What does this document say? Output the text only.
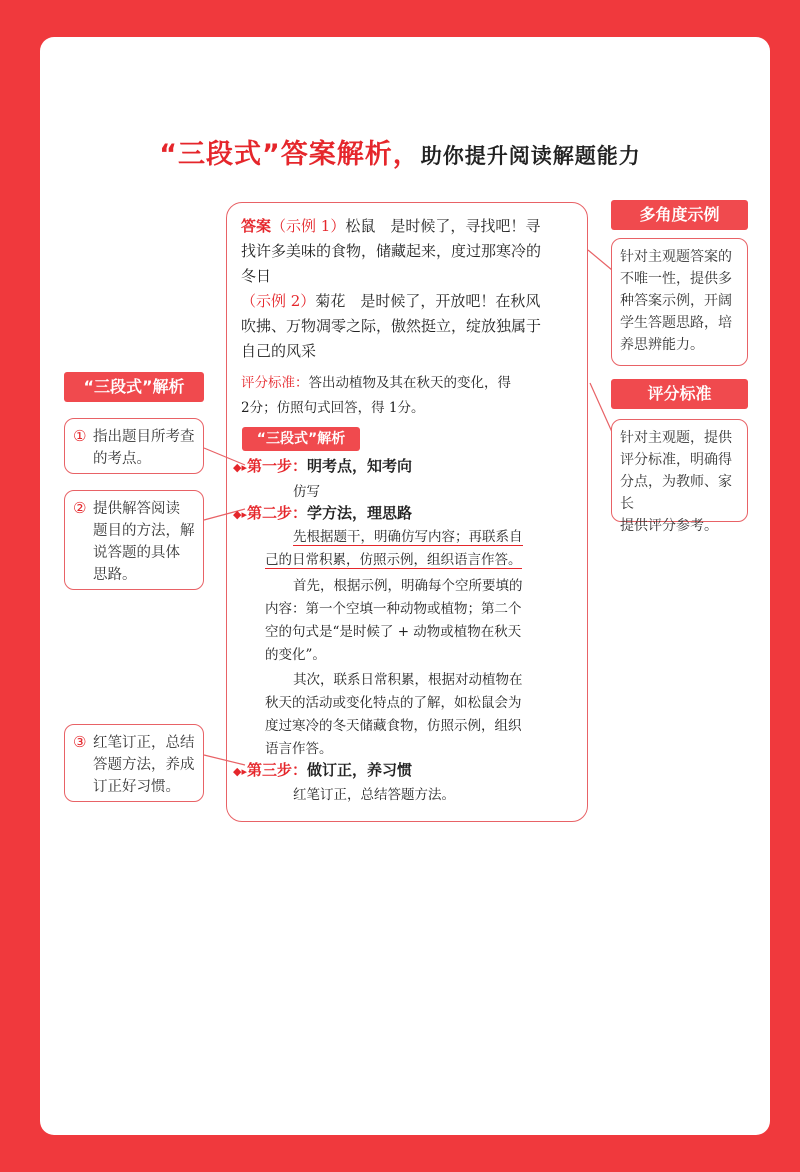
“三段式”答案解析，助你提升阅读解题能力
“三段式”解析
① 指出题目所考查
的考点。
② 提供解答阅读
题目的方法，解
说答题的具体
思路。
③ 红笔订正，总结
答题方法，养成
订正好习惯。
多角度示例
针对主观题答案的
不唯一性，提供多
种答案示例，开阔
学生答题思路，培
养思辨能力。
评分标准
针对主观题，提供
评分标准，明确得
分点，为教师、家长
提供评分参考。
答案（示例 1）松鼠　是时候了，寻找吧！寻
找许多美味的食物，储藏起来，度过那寒冷的
冬日
（示例 2）菊花　是时候了，开放吧！在秋风
吹拂、万物凋零之际，傲然挺立，绽放独属于
自己的风采
评分标准：答出动植物及其在秋天的变化，得
2分；仿照句式回答，得 1分。
“三段式”解析
◆▸第一步：明考点，知考向
仿写
◆▸第二步：学方法，理思路
先根据题干，明确仿写内容；再联系自
己的日常积累，仿照示例，组织语言作答。
首先，根据示例，明确每个空所要填的
内容：第一个空填一种动物或植物；第二个
空的句式是“是时候了 + 动物或植物在秋天
的变化”。
其次，联系日常积累，根据对动植物在
秋天的活动或变化特点的了解，如松鼠会为
度过寒冷的冬天储藏食物，仿照示例，组织
语言作答。
◆▸第三步：做订正，养习惯
红笔订正，总结答题方法。
